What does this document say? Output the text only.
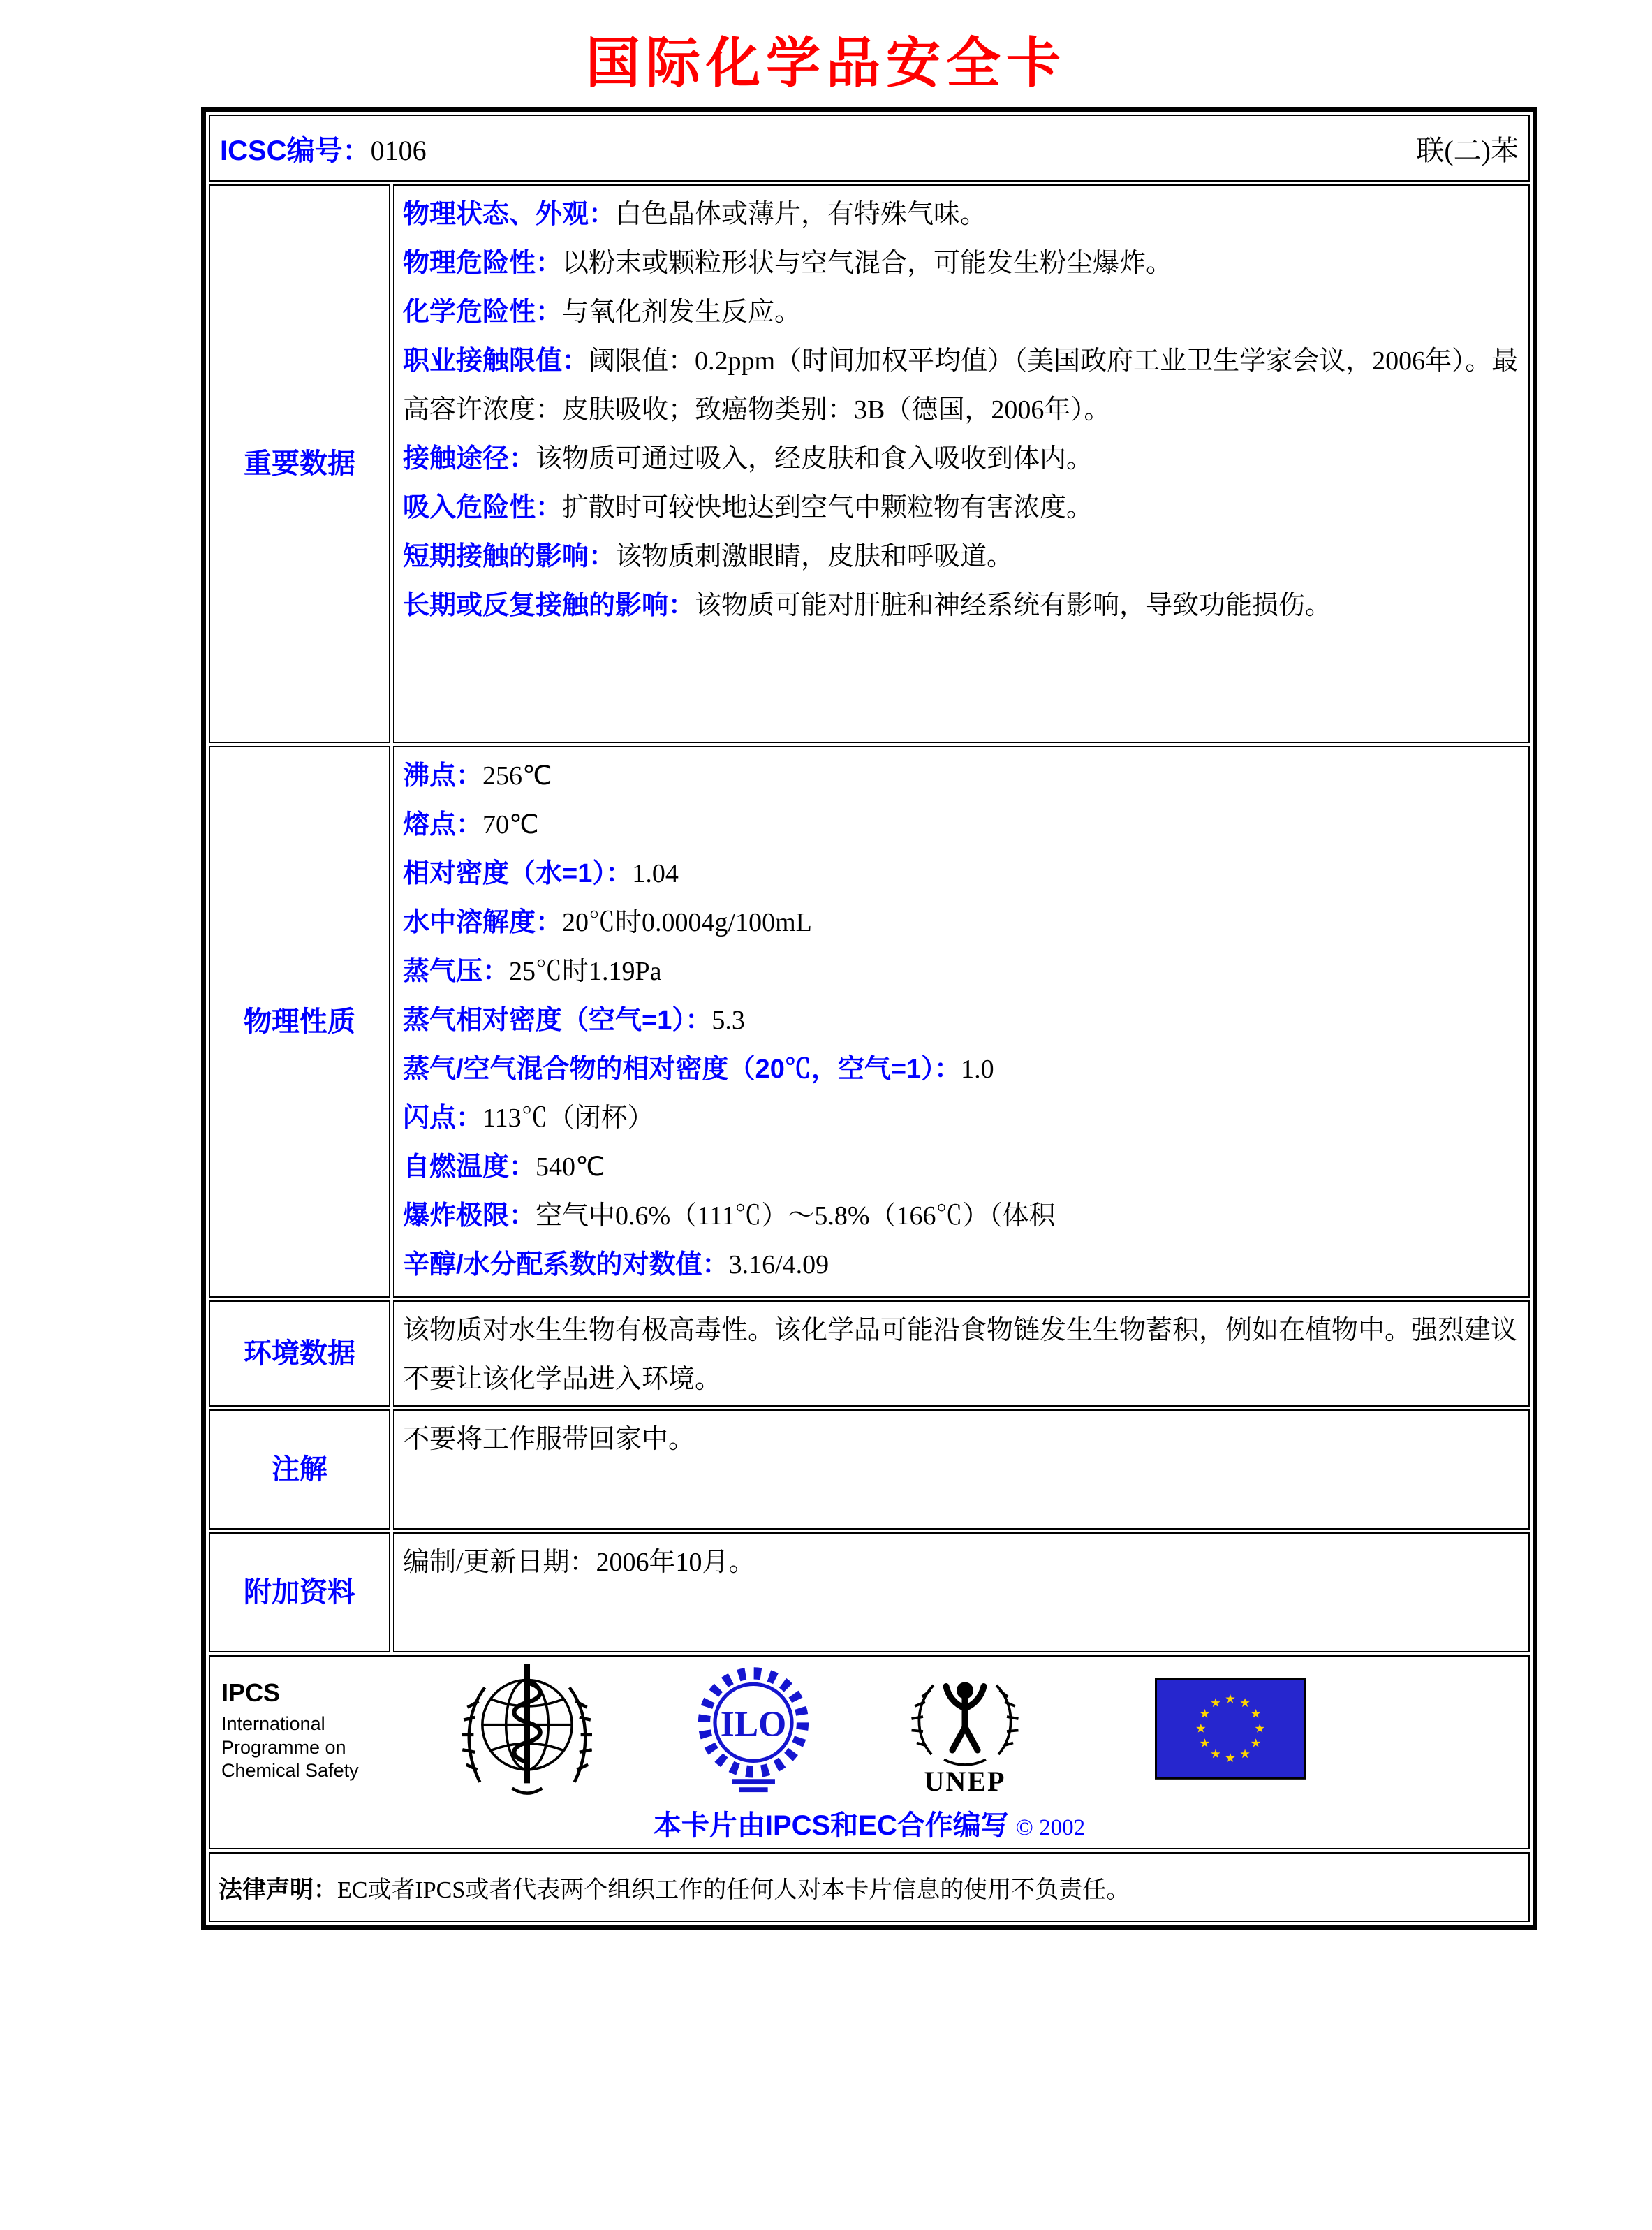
国际化学品安全卡
ICSC编号：0106	联(二)苯
重要数据
物理状态、外观：白色晶体或薄片，有特殊气味。
物理危险性：以粉末或颗粒形状与空气混合，可能发生粉尘爆炸。
化学危险性：与氧化剂发生反应。
职业接触限值：阈限值：0.2ppm（时间加权平均值）（美国政府工业卫生学家会议，2006年）。最高容许浓度：皮肤吸收；致癌物类别：3B（德国，2006年）。
接触途径：该物质可通过吸入，经皮肤和食入吸收到体内。
吸入危险性：扩散时可较快地达到空气中颗粒物有害浓度。
短期接触的影响：该物质刺激眼睛，皮肤和呼吸道。
长期或反复接触的影响：该物质可能对肝脏和神经系统有影响，导致功能损伤。
物理性质
沸点：256℃
熔点：70℃
相对密度（水=1）：1.04
水中溶解度：20℃时0.0004g/100mL
蒸气压：25℃时1.19Pa
蒸气相对密度（空气=1）：5.3
蒸气/空气混合物的相对密度（20℃，空气=1）：1.0
闪点：113℃（闭杯）
自燃温度：540℃
爆炸极限：空气中0.6%（111℃）～5.8%（166℃）（体积
辛醇/水分配系数的对数值：3.16/4.09
环境数据
该物质对水生生物有极高毒性。该化学品可能沿食物链发生生物蓄积，例如在植物中。强烈建议不要让该化学品进入环境。
注解
不要将工作服带回家中。
附加资料
编制/更新日期：2006年10月。
IPCS
International
Programme on
Chemical Safety
ILO
UNEP
本卡片由IPCS和EC合作编写 © 2002
法律声明： EC或者IPCS或者代表两个组织工作的任何人对本卡片信息的使用不负责任。
